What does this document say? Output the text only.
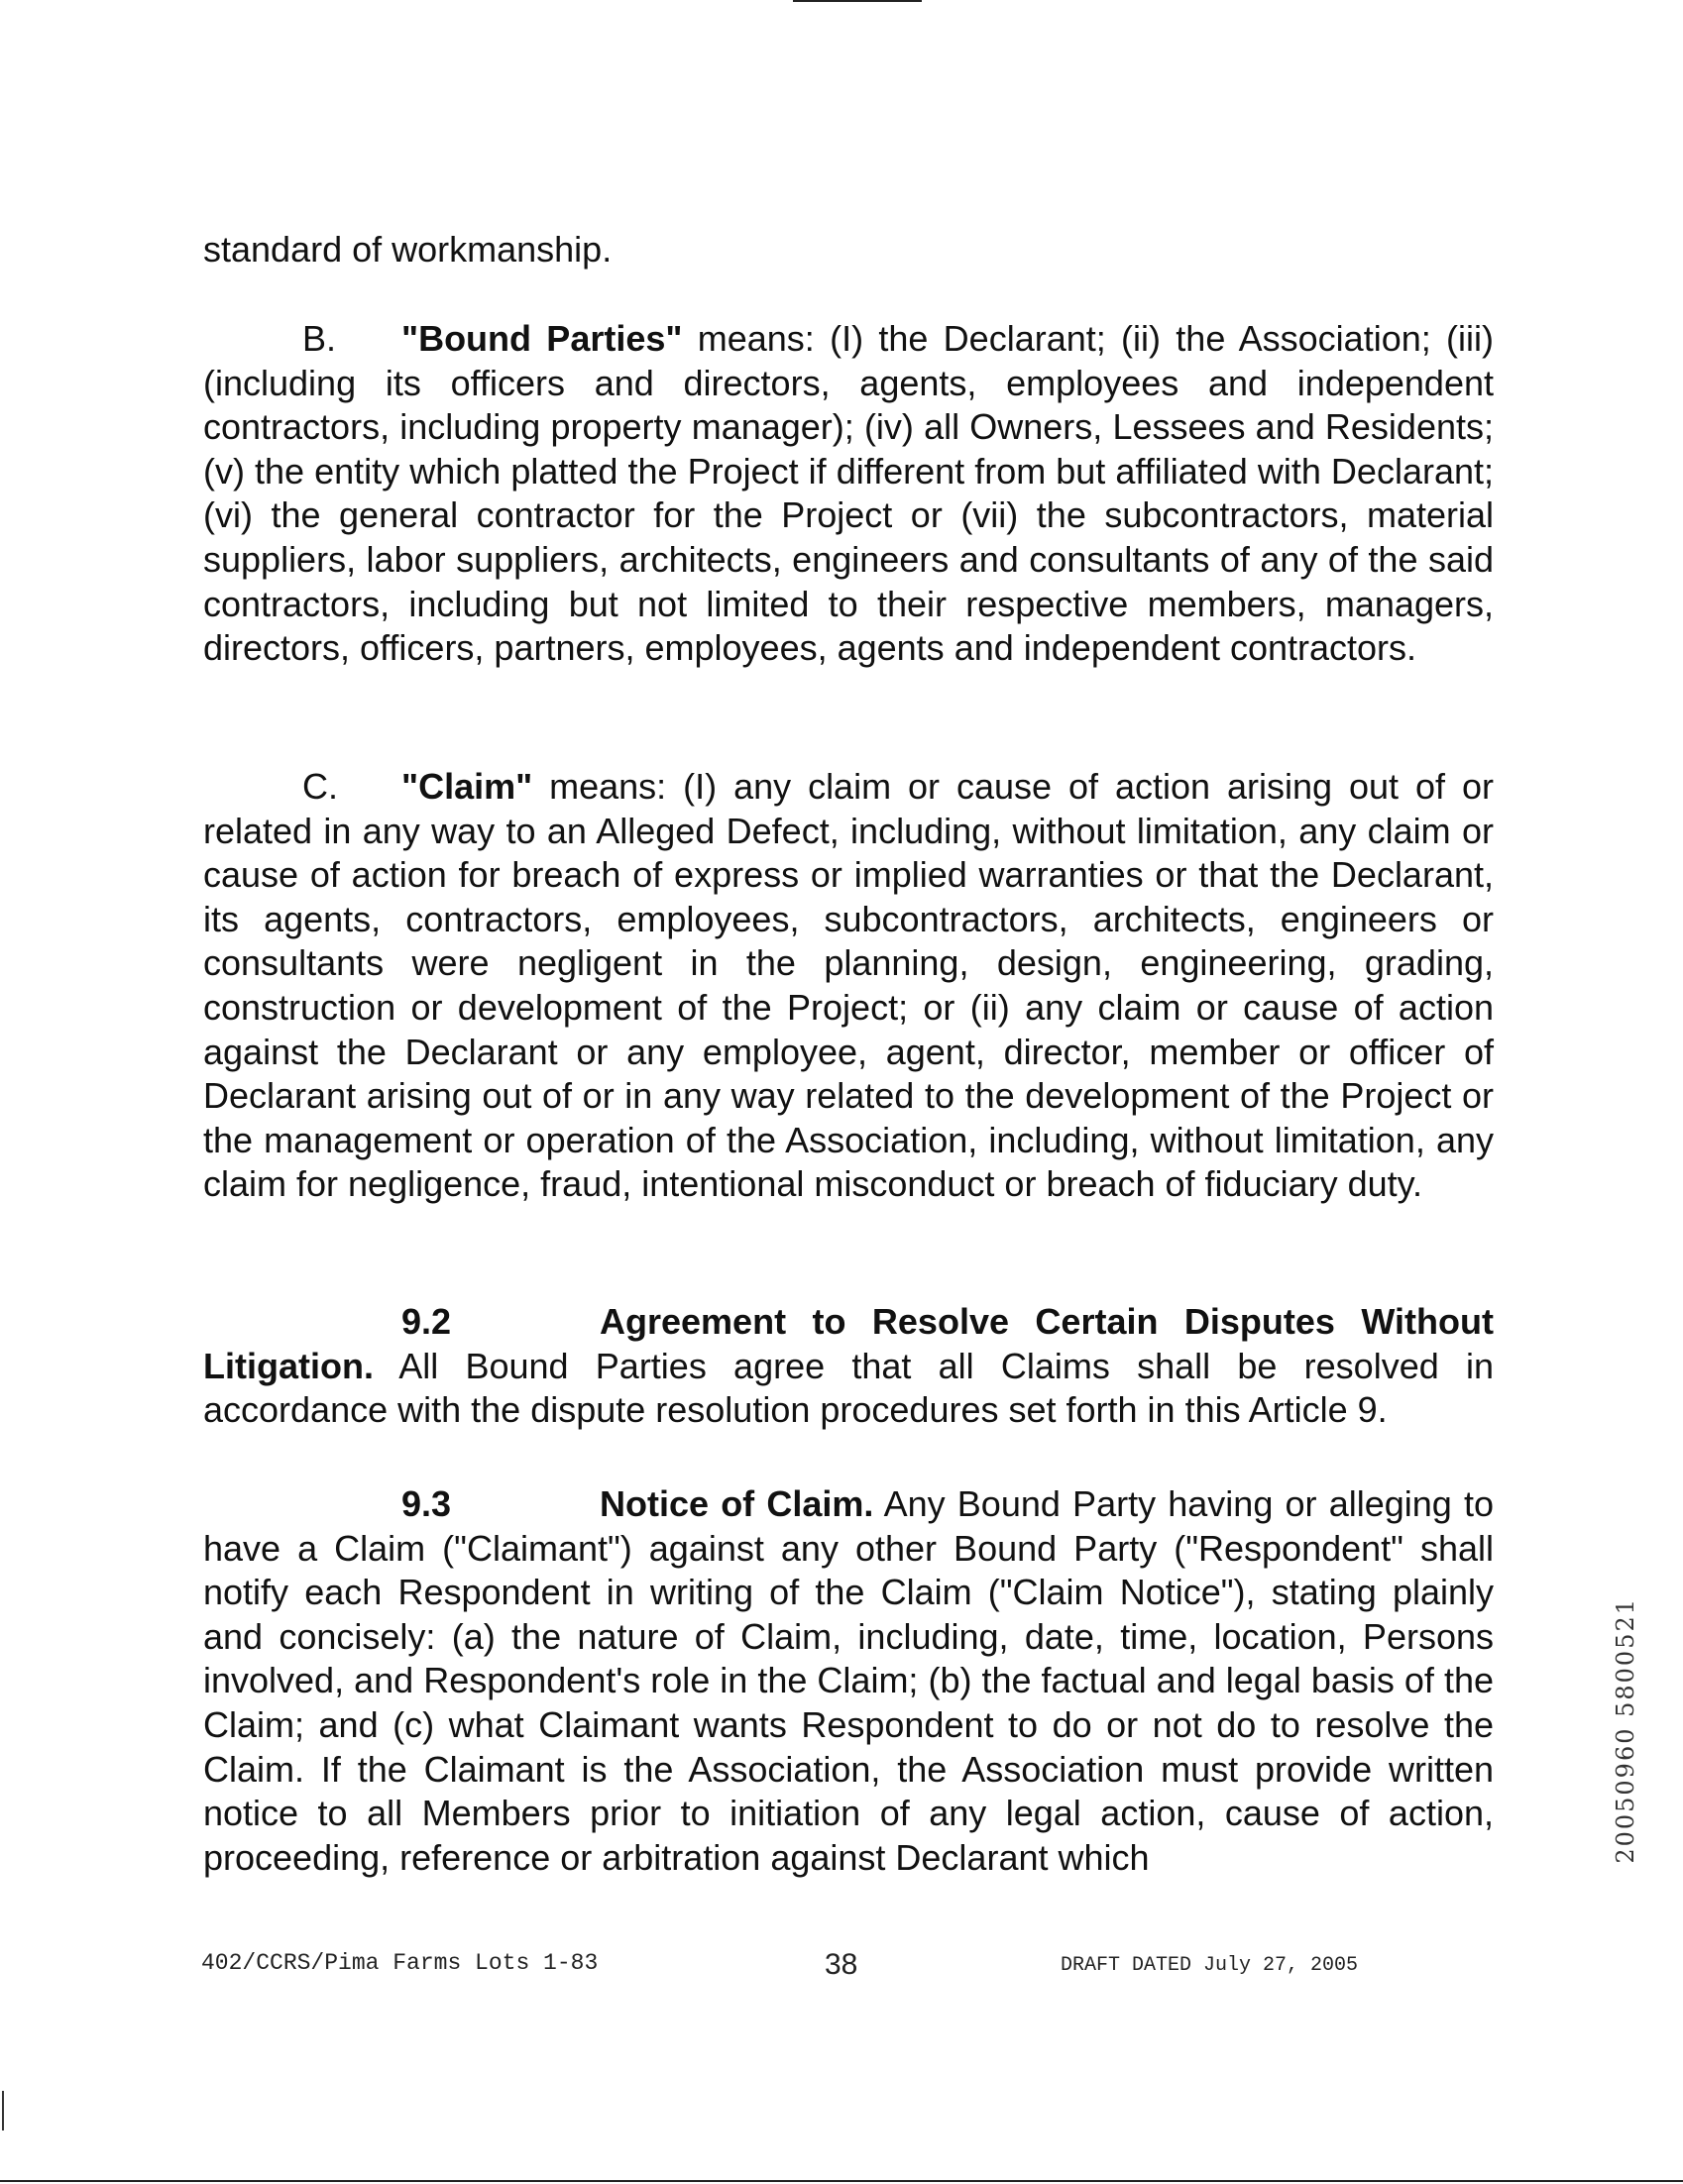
standard of workmanship.

B. "Bound Parties" means: (I) the Declarant; (ii) the Association; (iii) (including its officers and directors, agents, employees and independent contractors, including property manager); (iv) all Owners, Lessees and Residents; (v) the entity which platted the Project if different from but affiliated with Declarant; (vi) the general contractor for the Project or (vii) the subcontractors, material suppliers, labor suppliers, architects, engineers and consultants of any of the said contractors, including but not limited to their respective members, managers, directors, officers, partners, employees, agents and independent contractors.

C. "Claim" means: (I) any claim or cause of action arising out of or related in any way to an Alleged Defect, including, without limitation, any claim or cause of action for breach of express or implied warranties or that the Declarant, its agents, contractors, employees, subcontractors, architects, engineers or consultants were negligent in the planning, design, engineering, grading, construction or development of the Project; or (ii) any claim or cause of action against the Declarant or any employee, agent, director, member or officer of Declarant arising out of or in any way related to the development of the Project or the management or operation of the Association, including, without limitation, any claim for negligence, fraud, intentional misconduct or breach of fiduciary duty.

9.2	Agreement to Resolve Certain Disputes Without Litigation. All Bound Parties agree that all Claims shall be resolved in accordance with the dispute resolution procedures set forth in this Article 9.

9.3	Notice of Claim. Any Bound Party having or alleging to have a Claim ("Claimant") against any other Bound Party ("Respondent" shall notify each Respondent in writing of the Claim ("Claim Notice"), stating plainly and concisely: (a) the nature of Claim, including, date, time, location, Persons involved, and Respondent's role in the Claim; (b) the factual and legal basis of the Claim; and (c) what Claimant wants Respondent to do or not do to resolve the Claim. If the Claimant is the Association, the Association must provide written notice to all Members prior to initiation of any legal action, cause of action, proceeding, reference or arbitration against Declarant which	20050960 5800521
402/CCRS/Pima Farms Lots 1-83	38	DRAFT DATED July 27, 2005
